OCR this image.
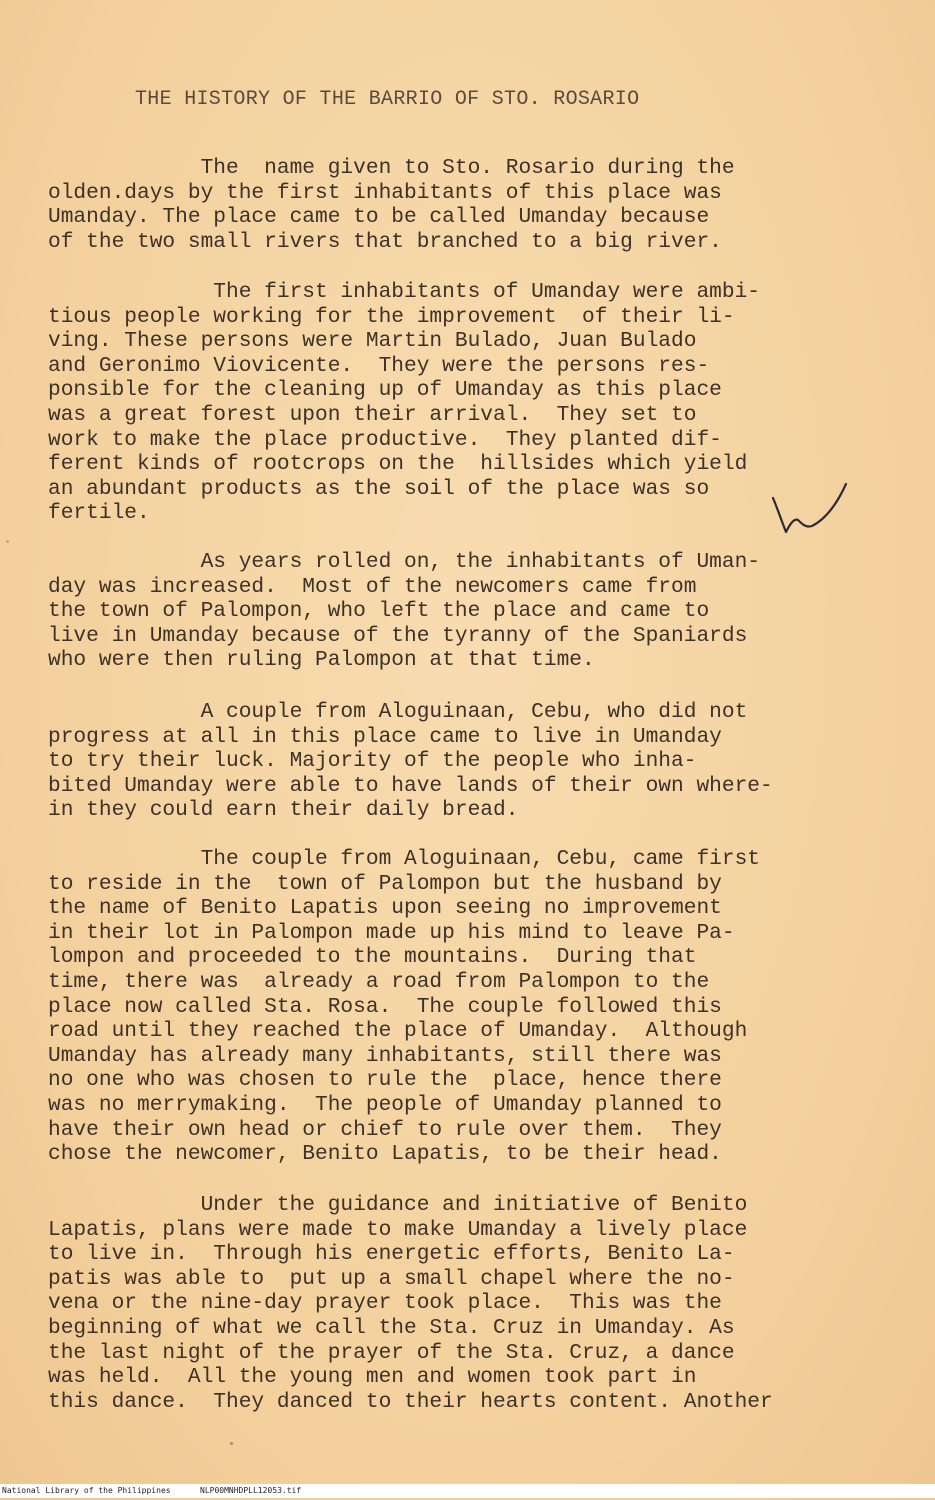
THE HISTORY OF THE BARRIO OF STO. ROSARIO
The  name given to Sto. Rosario during the
olden.days by the first inhabitants of this place was
Umanday. The place came to be called Umanday because
of the two small rivers that branched to a big river.
The first inhabitants of Umanday were ambi-
tious people working for the improvement  of their li-
ving. These persons were Martin Bulado, Juan Bulado
and Geronimo Viovicente.  They were the persons res-
ponsible for the cleaning up of Umanday as this place
was a great forest upon their arrival.  They set to
work to make the place productive.  They planted dif-
ferent kinds of rootcrops on the  hillsides which yield
an abundant products as the soil of the place was so
fertile.
As years rolled on, the inhabitants of Uman-
day was increased.  Most of the newcomers came from
the town of Palompon, who left the place and came to
live in Umanday because of the tyranny of the Spaniards
who were then ruling Palompon at that time.
A couple from Aloguinaan, Cebu, who did not
progress at all in this place came to live in Umanday
to try their luck. Majority of the people who inha-
bited Umanday were able to have lands of their own where-
in they could earn their daily bread.
The couple from Aloguinaan, Cebu, came first
to reside in the  town of Palompon but the husband by
the name of Benito Lapatis upon seeing no improvement
in their lot in Palompon made up his mind to leave Pa-
lompon and proceeded to the mountains.  During that
time, there was  already a road from Palompon to the
place now called Sta. Rosa.  The couple followed this
road until they reached the place of Umanday.  Although
Umanday has already many inhabitants, still there was
no one who was chosen to rule the  place, hence there
was no merrymaking.  The people of Umanday planned to
have their own head or chief to rule over them.  They
chose the newcomer, Benito Lapatis, to be their head.
Under the guidance and initiative of Benito
Lapatis, plans were made to make Umanday a lively place
to live in.  Through his energetic efforts, Benito La-
patis was able to  put up a small chapel where the no-
vena or the nine-day prayer took place.  This was the
beginning of what we call the Sta. Cruz in Umanday. As
the last night of the prayer of the Sta. Cruz, a dance
was held.  All the young men and women took part in
this dance.  They danced to their hearts content. Another
National Library of the Philippines	NLP00MNHDPLL12053.tif
